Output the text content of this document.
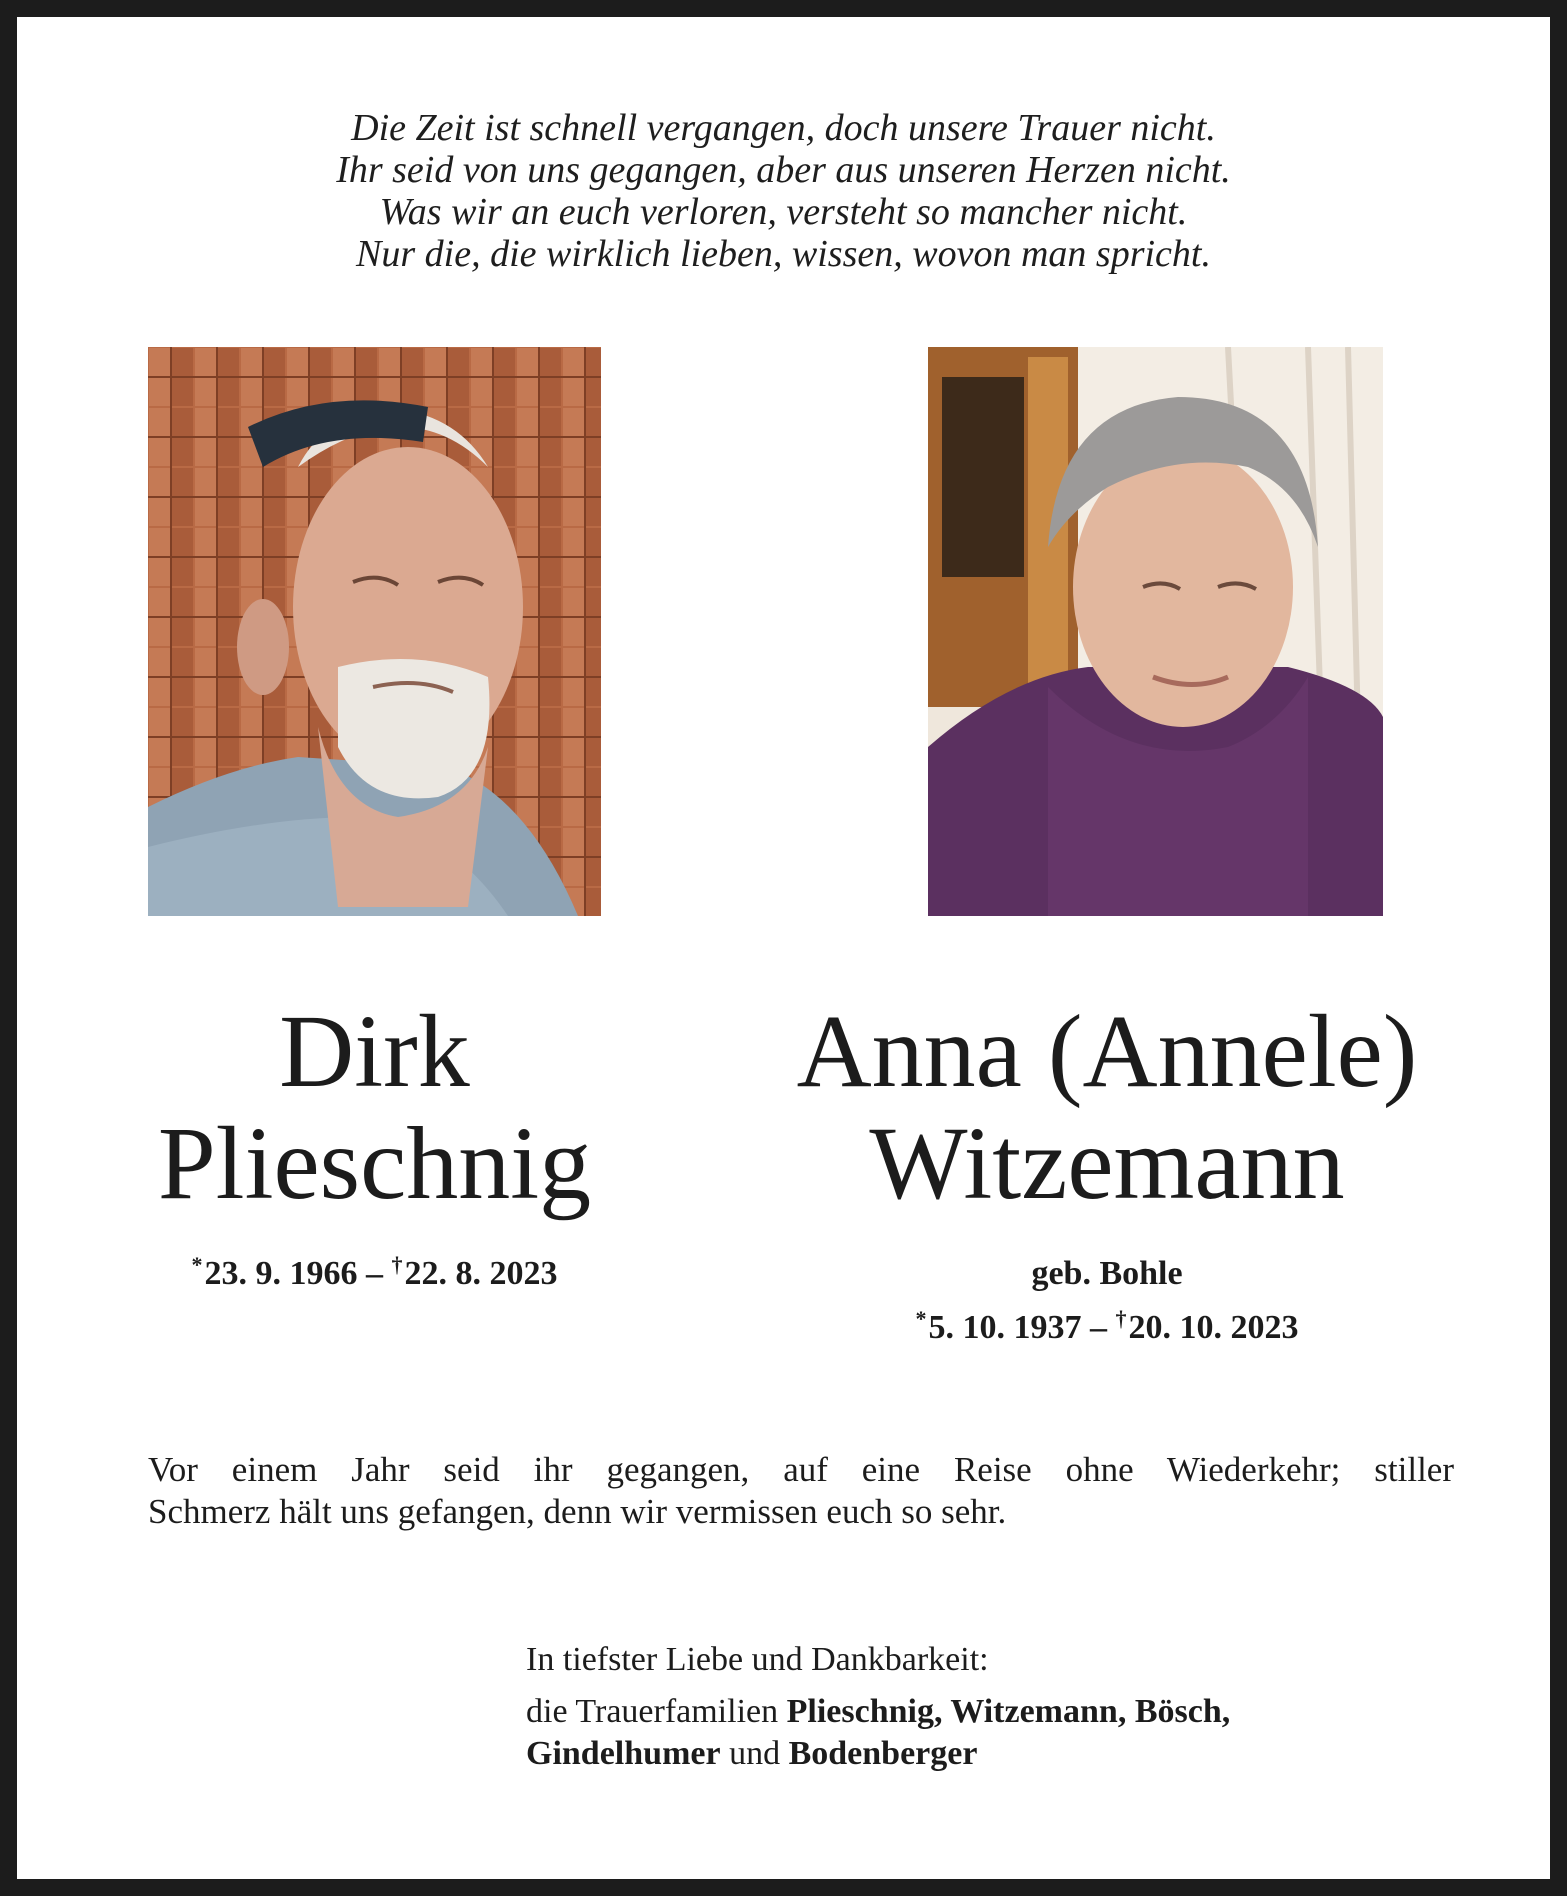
Die Zeit ist schnell vergangen, doch unsere Trauer nicht.
Ihr seid von uns gegangen, aber aus unseren Herzen nicht.
Was wir an euch verloren, versteht so mancher nicht.
Nur die, die wirklich lieben, wissen, wovon man spricht.
Dirk
Plieschnig
Anna (Annele)
Witzemann
*23. 9. 1966 – †22. 8. 2023	geb. Bohle
*5. 10. 1937 – †20. 10. 2023
Vor einem Jahr seid ihr gegangen, auf eine Reise ohne Wiederkehr; stiller
Schmerz hält uns gefangen, denn wir vermissen euch so sehr.
In tiefster Liebe und Dankbarkeit:
die Trauerfamilien Plieschnig, Witzemann, Bösch,
Gindelhumer und Bodenberger
